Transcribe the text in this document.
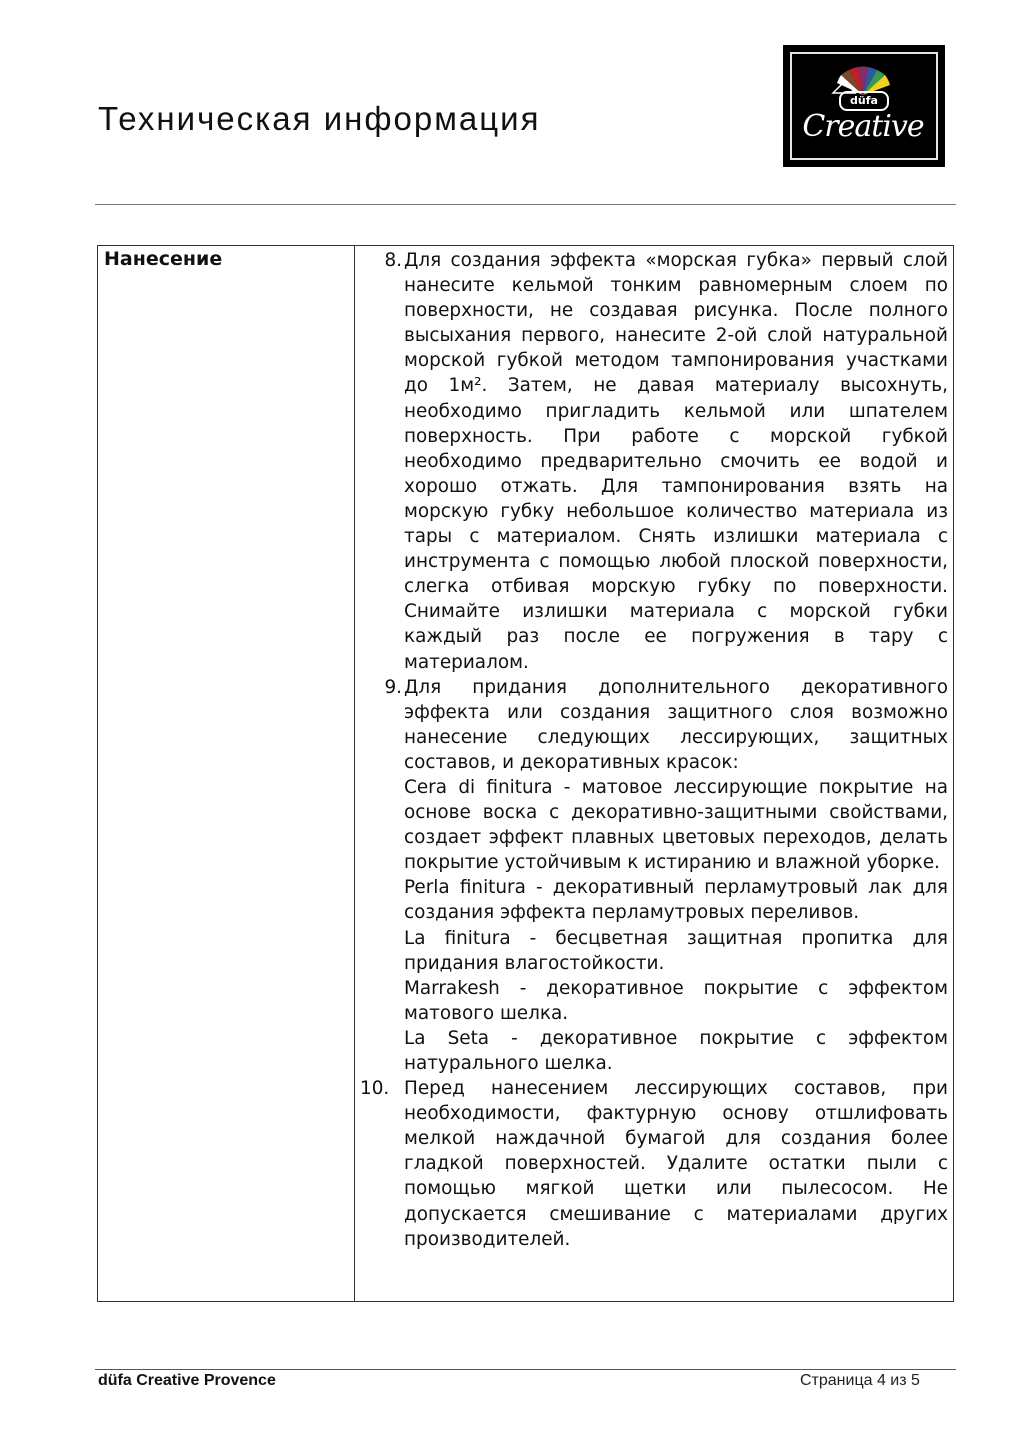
Техническая информация	düfa
Creative
Нанесение	8. Для создания эффекта «морская губка» первый слой нанесите кельмой тонким равномерным слоем по поверхности, не создавая рисунка. После полного высыхания первого, нанесите 2-ой слой натуральной морской губкой методом тампонирования участками до 1м². Затем, не давая материалу высохнуть, необходимо пригладить кельмой или шпателем поверхность. При работе с морской губкой необходимо предварительно смочить ее водой и хорошо отжать. Для тампонирования взять на морскую губку небольшое количество материала из тары с материалом. Снять излишки материала с инструмента с помощью любой плоской поверхности, слегка отбивая морскую губку по поверхности. Снимайте излишки материала с морской губки каждый раз после ее погружения в тару с материалом.
9. Для придания дополнительного декоративного эффекта или создания защитного слоя возможно нанесение следующих лессирующих, защитных составов, и декоративных красок:
Cera di finitura - матовое лессирующие покрытие на основе воска с декоративно-защитными свойствами, создает эффект плавных цветовых переходов, делать покрытие устойчивым к истиранию и влажной уборке.
Perla finitura - декоративный перламутровый лак для создания эффекта перламутровых переливов.
La finitura - бесцветная защитная пропитка для придания влагостойкости.
Marrakesh - декоративное покрытие с эффектом матового шелка.
La Seta - декоративное покрытие с эффектом натурального шелка.
10. Перед нанесением лессирующих составов, при необходимости, фактурную основу отшлифовать мелкой наждачной бумагой для создания более гладкой поверхностей. Удалите остатки пыли с помощью мягкой щетки или пылесосом. Не допускается смешивание с материалами других производителей.
düfa Creative Provence	Страница 4 из 5
